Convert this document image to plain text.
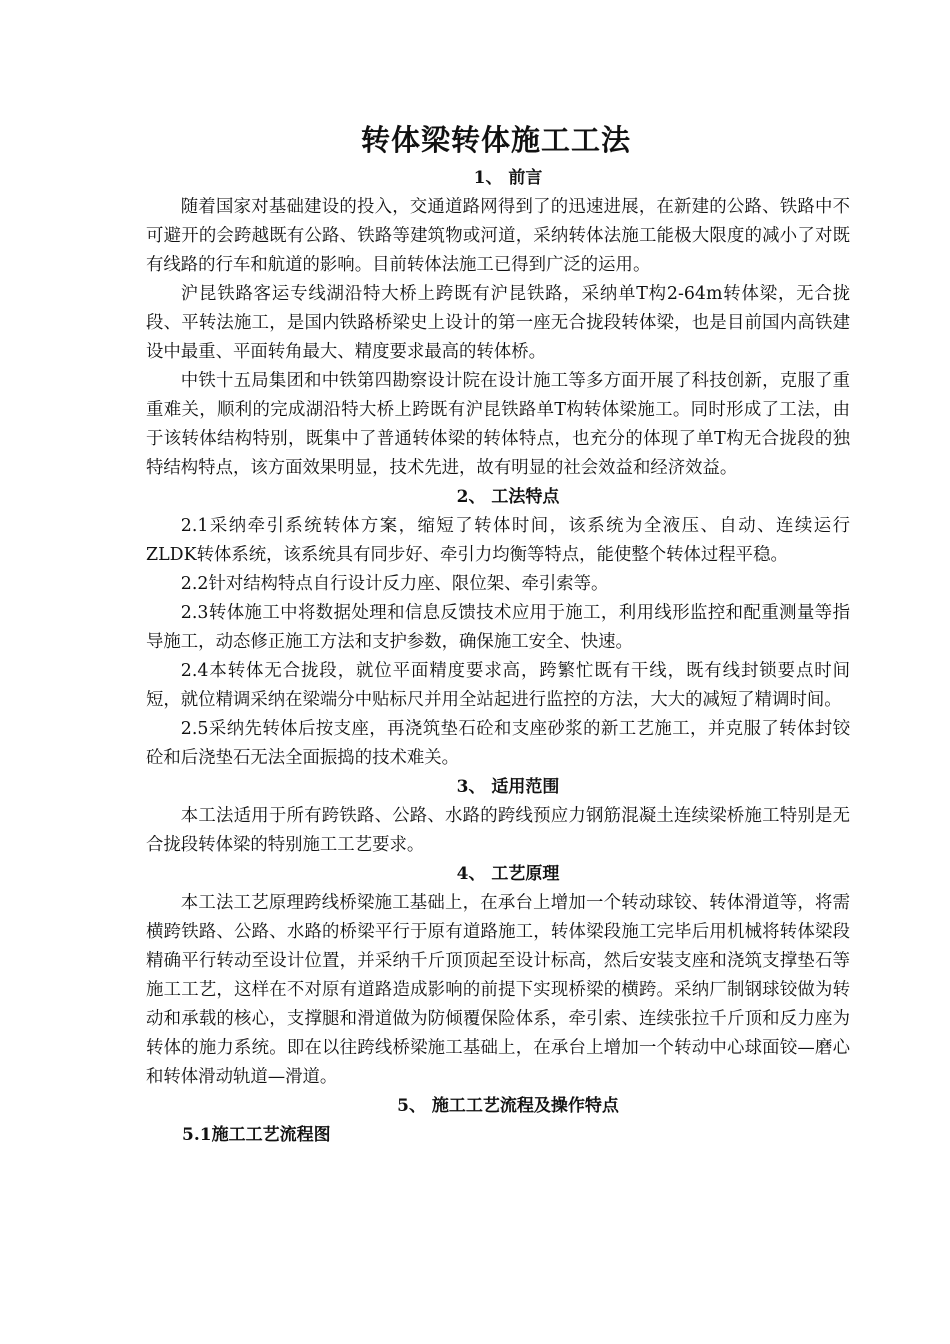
转体梁转体施工工法

1、 前言

随着国家对基础建设的投入，交通道路网得到了的迅速进展，在新建的公路、铁路中不可避开的会跨越既有公路、铁路等建筑物或河道，采纳转体法施工能极大限度的减小了对既有线路的行车和航道的影响。目前转体法施工已得到广泛的运用。

沪昆铁路客运专线湖沿特大桥上跨既有沪昆铁路，采纳单T构2-64m转体梁，无合拢段、平转法施工，是国内铁路桥梁史上设计的第一座无合拢段转体梁，也是目前国内高铁建设中最重、平面转角最大、精度要求最高的转体桥。

中铁十五局集团和中铁第四勘察设计院在设计施工等多方面开展了科技创新，克服了重重难关，顺利的完成湖沿特大桥上跨既有沪昆铁路单T构转体梁施工。同时形成了工法，由于该转体结构特别，既集中了普通转体梁的转体特点，也充分的体现了单T构无合拢段的独特结构特点，该方面效果明显，技术先进，故有明显的社会效益和经济效益。

2、 工法特点

2.1采纳牵引系统转体方案，缩短了转体时间，该系统为全液压、自动、连续运行ZLDK转体系统，该系统具有同步好、牵引力均衡等特点，能使整个转体过程平稳。

2.2针对结构特点自行设计反力座、限位架、牵引索等。

2.3转体施工中将数据处理和信息反馈技术应用于施工，利用线形监控和配重测量等指导施工，动态修正施工方法和支护参数，确保施工安全、快速。

2.4本转体无合拢段，就位平面精度要求高，跨繁忙既有干线，既有线封锁要点时间短，就位精调采纳在梁端分中贴标尺并用全站起进行监控的方法，大大的减短了精调时间。

2.5采纳先转体后按支座，再浇筑垫石砼和支座砂浆的新工艺施工，并克服了转体封铰砼和后浇垫石无法全面振捣的技术难关。

3、 适用范围

本工法适用于所有跨铁路、公路、水路的跨线预应力钢筋混凝土连续梁桥施工特别是无合拢段转体梁的特别施工工艺要求。

4、 工艺原理

本工法工艺原理跨线桥梁施工基础上，在承台上增加一个转动球铰、转体滑道等，将需横跨铁路、公路、水路的桥梁平行于原有道路施工，转体梁段施工完毕后用机械将转体梁段精确平行转动至设计位置，并采纳千斤顶顶起至设计标高，然后安装支座和浇筑支撑垫石等施工工艺，这样在不对原有道路造成影响的前提下实现桥梁的横跨。采纳厂制钢球铰做为转动和承载的核心，支撑腿和滑道做为防倾覆保险体系，牵引索、连续张拉千斤顶和反力座为转体的施力系统。即在以往跨线桥梁施工基础上，在承台上增加一个转动中心球面铰—磨心和转体滑动轨道—滑道。

5、 施工工艺流程及操作特点

5.1施工工艺流程图
